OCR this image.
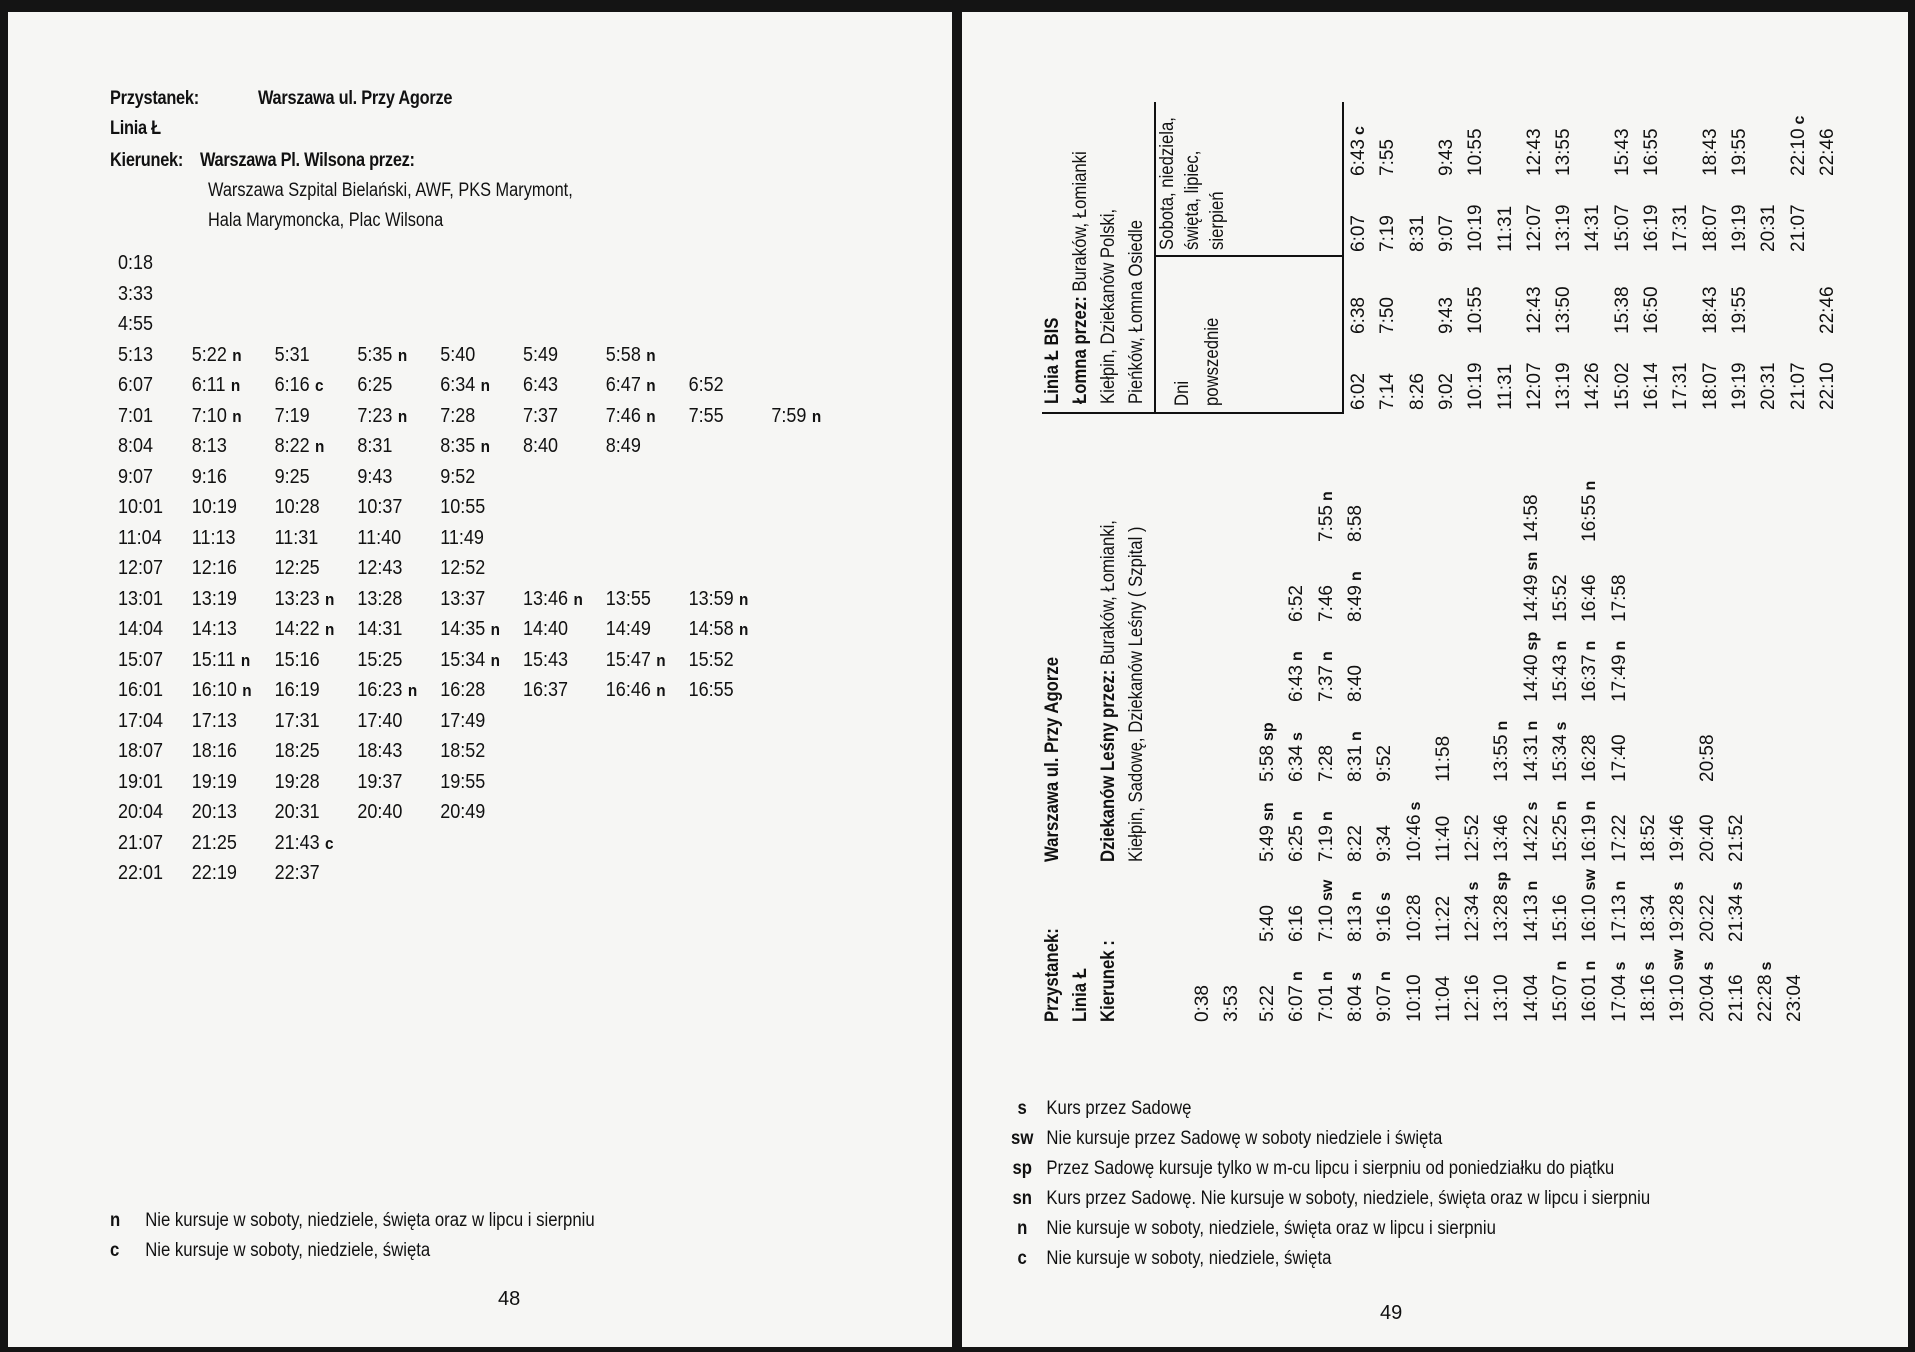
Przystanek:	Warszawa ul. Przy Agorze
Linia Ł
Kierunek: Warszawa Pl. Wilsona przez:
Warszawa Szpital Bielański, AWF, PKS Marymont,
Hala Marymoncka, Plac Wilsona
0:18
3:33
4:55
5:13 5:22 n 5:31 5:35 n 5:40 5:49 5:58 n
6:07 6:11 n 6:16 c 6:25 6:34 n 6:43 6:47 n 6:52
7:01 7:10 n 7:19 7:23 n 7:28 7:37 7:46 n 7:55 7:59 n
8:04 8:13 8:22 n 8:31 8:35 n 8:40 8:49
9:07 9:16 9:25 9:43 9:52
10:01 10:19 10:28 10:37 10:55
11:04 11:13 11:31 11:40 11:49
12:07 12:16 12:25 12:43 12:52
13:01 13:19 13:23 n 13:28 13:37 13:46 n 13:55 13:59 n
14:04 14:13 14:22 n 14:31 14:35 n 14:40 14:49 14:58 n
15:07 15:11 n 15:16 15:25 15:34 n 15:43 15:47 n 15:52
16:01 16:10 n 16:19 16:23 n 16:28 16:37 16:46 n 16:55
17:04 17:13 17:31 17:40 17:49
18:07 18:16 18:25 18:43 18:52
19:01 19:19 19:28 19:37 19:55
20:04 20:13 20:31 20:40 20:49
21:07 21:25 21:43 c
22:01 22:19 22:37
n Nie kursuje w soboty, niedziele, święta oraz w lipcu i sierpniu
c Nie kursuje w soboty, niedziele, święta
48
Przystanek:
Warszawa ul. Przy Agorze
Linia Ł Kierunek :
Dziekanów Leśny przez: Buraków, Łomianki, Kiełpin, Sadowę, Dziekanów Leśny ( Szpital )
0:38 3:53 5:22
5:40
5:49sn
5:58sp
6:07n
6:16
6:25n
6:34s
6:43n
6:52
7:01n
7:10sw
7:19n
7:28
7:37n
7:46
7:55n
8:04s
8:13n
8:22
8:31n
8:40
8:49n
8:58
9:07n
9:16s
9:34
9:52
10:10
10:28
10:46s
11:04
11:22
11:40
11:58
12:16
12:34s
12:52
13:10
13:28sp
13:46
13:55n
14:04
14:13n
14:22s
14:31n
14:40sp
14:49sn
14:58
15:07n
15:16
15:25n
15:34s
15:43n
15:52
16:01n
16:10sw
16:19n
16:28
16:37n
16:46
16:55n
17:04s
17:13n
17:22
17:40
17:49n
17:58
18:16s
18:34
18:52
19:10sw
19:28s
19:46
20:04s
20:22
20:40
20:58
21:16
21:34s
21:52
22:28s
23:04
Linia Ł BIS Łomna przez: Buraków, Łomianki Kiełpin, Dziekanów Polski, Pieńków, Łomna Osiedle Dni powszednie
Sobota, niedziela, święta, lipiec, sierpień
6:02
6:38
7:14
7:50
8:26 9:02
9:43
10:19
10:55
11:31 12:07
12:43
13:19
13:50
14:26 15:02
15:38
16:14
16:50
17:31 18:07
18:43
19:19
19:55
20:31 21:07 22:10
22:46
6:07
6:43c
7:19
7:55
8:31 9:07
9:43
10:19
10:55
11:31 12:07
12:43
13:19
13:55
14:31 15:07
15:43
16:19
16:55
17:31 18:07
18:43
19:19
19:55
20:31 21:07
22:10c
22:46
s Kurs przez Sadowę
sw Nie kursuje przez Sadowę w soboty niedziele i święta
sp Przez Sadowę kursuje tylko w m-cu lipcu i sierpniu od poniedziałku do piątku
sn Kurs przez Sadowę. Nie kursuje w soboty, niedziele, święta oraz w lipcu i sierpniu
n Nie kursuje w soboty, niedziele, święta oraz w lipcu i sierpniu
c Nie kursuje w soboty, niedziele, święta
49
